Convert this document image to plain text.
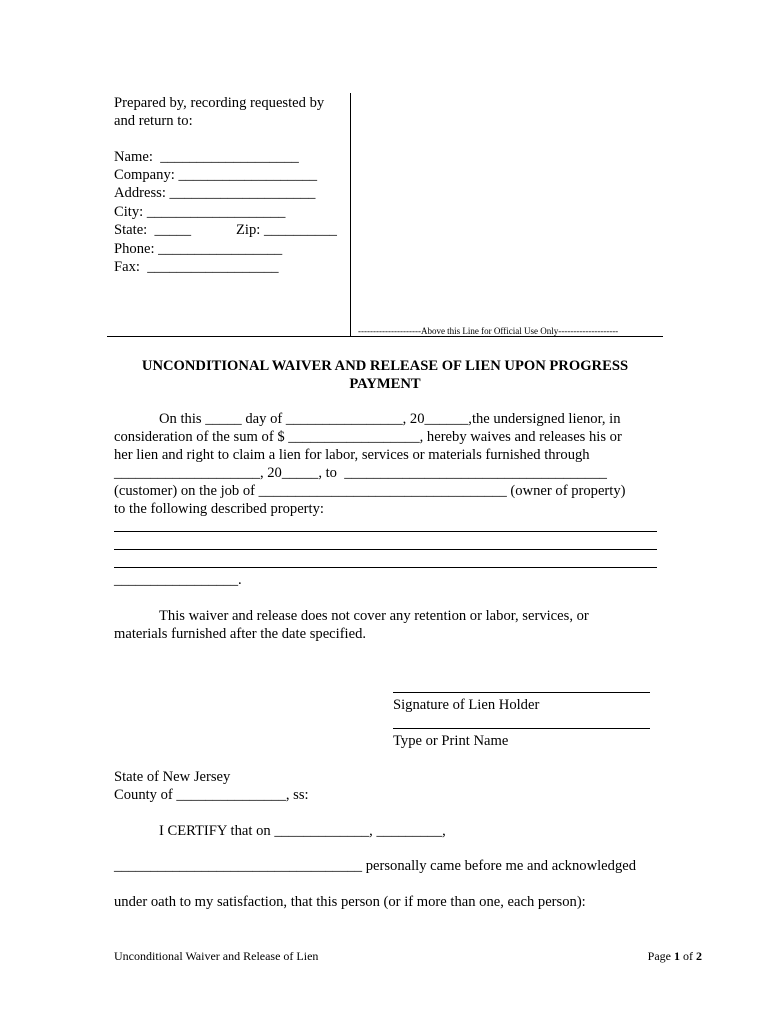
Prepared by, recording requested by
and return to:
Name:  ___________________
Company: ___________________
Address: ____________________
City: ___________________
State:  _____	Zip: __________
Phone: _________________
Fax:  __________________
---------------------Above this Line for Official Use Only--------------------
UNCONDITIONAL WAIVER AND RELEASE OF LIEN UPON PROGRESS
PAYMENT
On this _____ day of ________________, 20______,the undersigned lienor, in
consideration of the sum of $ __________________, hereby waives and releases his or
her lien and right to claim a lien for labor, services or materials furnished through
____________________, 20_____, to  ____________________________________
(customer) on the job of __________________________________ (owner of property)
to the following described property:
_________________.
This waiver and release does not cover any retention or labor, services, or
materials furnished after the date specified.
Signature of Lien Holder
Type or Print Name
State of New Jersey
County of _______________, ss:
I CERTIFY that on _____________, _________,
__________________________________ personally came before me and acknowledged
under oath to my satisfaction, that this person (or if more than one, each person):
Unconditional Waiver and Release of Lien	Page 1 of 2
